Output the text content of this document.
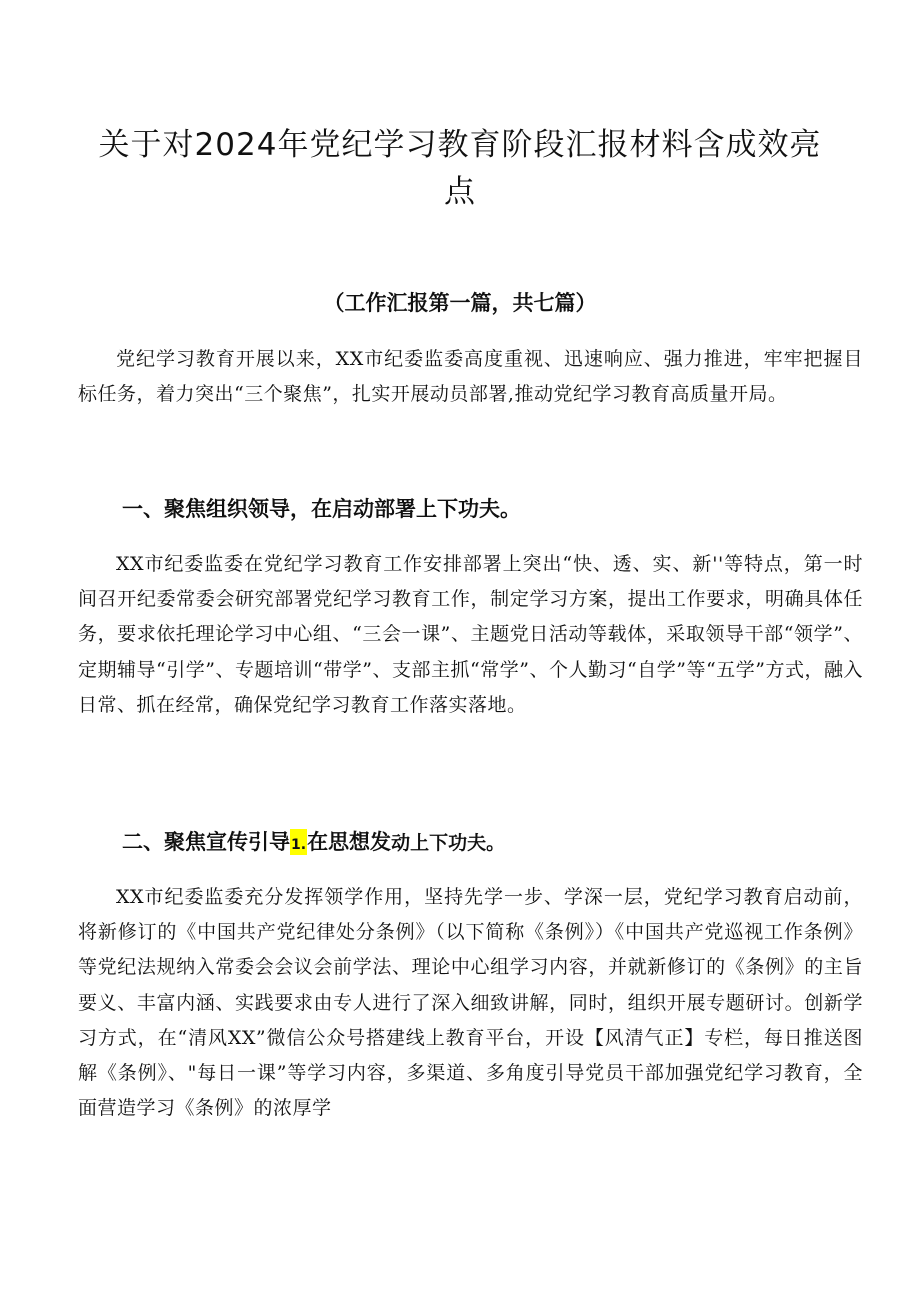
关于对2024年党纪学习教育阶段汇报材料含成效亮点

（工作汇报第一篇，共七篇）

党纪学习教育开展以来，XX市纪委监委高度重视、迅速响应、强力推进，牢牢把握目标任务，着力突出“三个聚焦”，扎实开展动员部署,推动党纪学习教育高质量开局。

一、聚焦组织领导，在启动部署上下功夫。

XX市纪委监委在党纪学习教育工作安排部署上突出“快、透、实、新''等特点，第一时间召开纪委常委会研究部署党纪学习教育工作，制定学习方案，提出工作要求，明确具体任务，要求依托理论学习中心组、“三会一课”、主题党日活动等载体，采取领导干部“领学”、定期辅导“引学”、专题培训“带学”、支部主抓“常学”、个人勤习“自学”等“五学”方式，融入日常、抓在经常，确保党纪学习教育工作落实落地。

二、聚焦宣传引导1.在思想发动上下功夫。

XX市纪委监委充分发挥领学作用，坚持先学一步、学深一层，党纪学习教育启动前，将新修订的《中国共产党纪律处分条例》（以下简称《条例》）《中国共产党巡视工作条例》等党纪法规纳入常委会会议会前学法、理论中心组学习内容，并就新修订的《条例》的主旨要义、丰富内涵、实践要求由专人进行了深入细致讲解，同时，组织开展专题研讨。创新学习方式，在“清风XX”微信公众号搭建线上教育平台，开设【风清气正】专栏，每日推送图解《条例》、"每日一课”等学习内容，多渠道、多角度引导党员干部加强党纪学习教育，全面营造学习《条例》的浓厚学
